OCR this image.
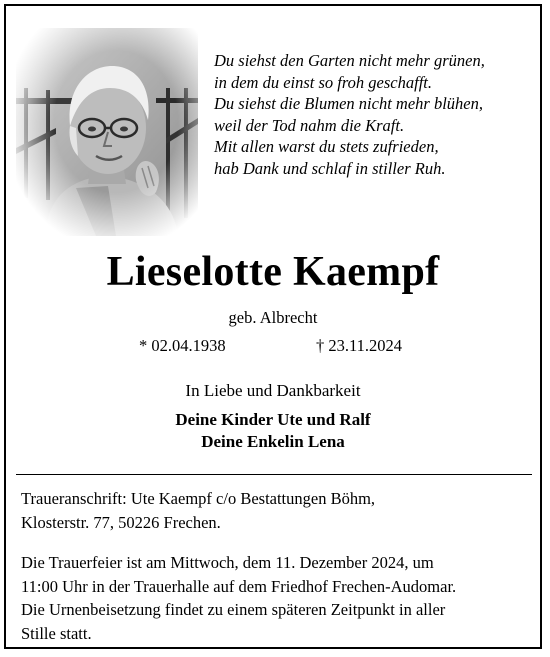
Du siehst den Garten nicht mehr grünen,
in dem du einst so froh geschafft.
Du siehst die Blumen nicht mehr blühen,
weil der Tod nahm die Kraft.
Mit allen warst du stets zufrieden,
hab Dank und schlaf in stiller Ruh.
Lieselotte Kaempf
geb. Albrecht
* 02.04.1938	† 23.11.2024
In Liebe und Dankbarkeit
Deine Kinder Ute und Ralf
Deine Enkelin Lena
Traueranschrift: Ute Kaempf c/o Bestattungen Böhm,
Klosterstr. 77, 50226 Frechen.
Die Trauerfeier ist am Mittwoch, dem 11. Dezember 2024, um
11:00 Uhr in der Trauerhalle auf dem Friedhof Frechen-Audomar.
Die Urnenbeisetzung findet zu einem späteren Zeitpunkt in aller
Stille statt.
